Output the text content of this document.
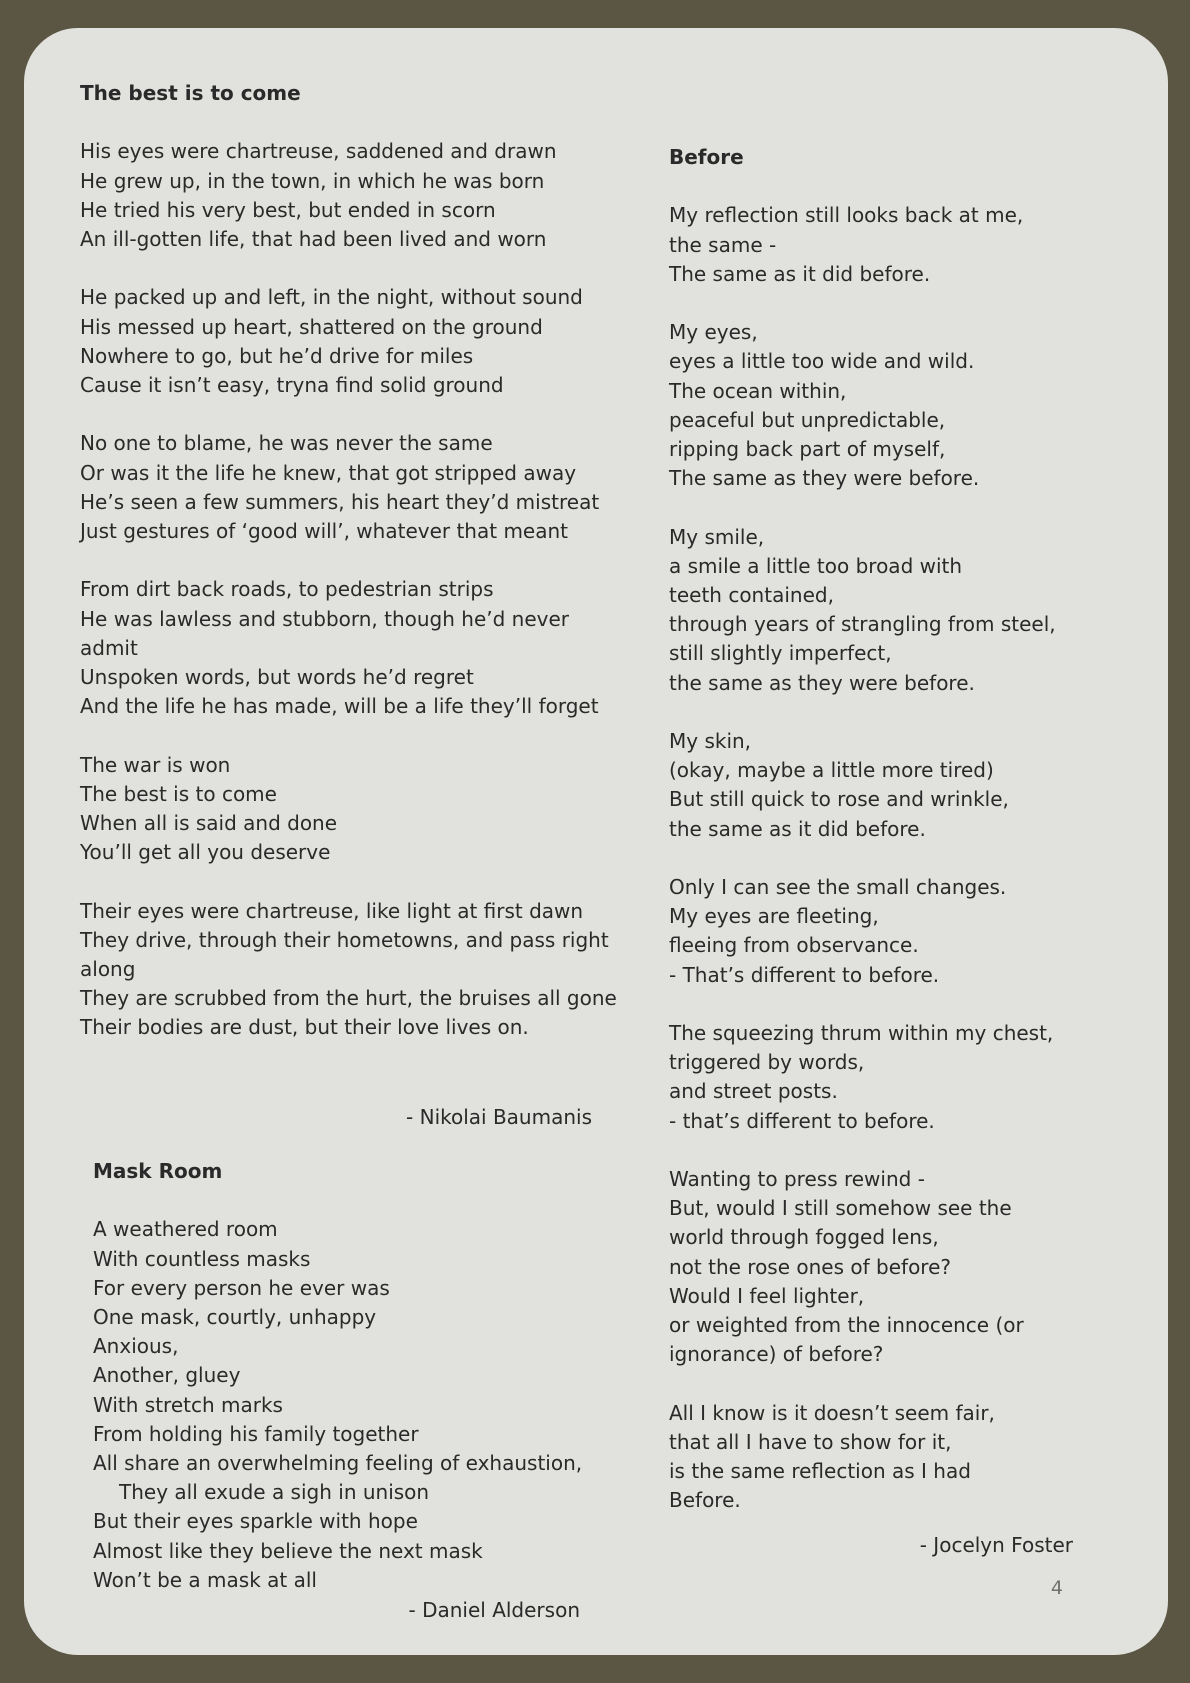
The best is to come
His eyes were chartreuse, saddened and drawn
He grew up, in the town, in which he was born
He tried his very best, but ended in scorn
An ill-gotten life, that had been lived and worn
He packed up and left, in the night, without sound
His messed up heart, shattered on the ground
Nowhere to go, but he’d drive for miles
Cause it isn’t easy, tryna find solid ground
No one to blame, he was never the same
Or was it the life he knew, that got stripped away
He’s seen a few summers, his heart they’d mistreat
Just gestures of ‘good will’, whatever that meant
From dirt back roads, to pedestrian strips
He was lawless and stubborn, though he’d never admit
Unspoken words, but words he’d regret
And the life he has made, will be a life they’ll forget
The war is won
The best is to come
When all is said and done
You’ll get all you deserve
Their eyes were chartreuse, like light at first dawn
They drive, through their hometowns, and pass right along
They are scrubbed from the hurt, the bruises all gone
Their bodies are dust, but their love lives on.
- Nikolai Baumanis
Mask Room
A weathered room
With countless masks
For every person he ever was
One mask, courtly, unhappy
Anxious,
Another, gluey
With stretch marks
From holding his family together
All share an overwhelming feeling of exhaustion,
They all exude a sigh in unison
But their eyes sparkle with hope
Almost like they believe the next mask
Won’t be a mask at all
- Daniel Alderson
Before
My reflection still looks back at me,
the same -
The same as it did before.
My eyes,
eyes a little too wide and wild.
The ocean within,
peaceful but unpredictable,
ripping back part of myself,
The same as they were before.
My smile,
a smile a little too broad with
teeth contained,
through years of strangling from steel,
still slightly imperfect,
the same as they were before.
My skin,
(okay, maybe a little more tired)
But still quick to rose and wrinkle,
the same as it did before.
Only I can see the small changes.
My eyes are fleeting,
fleeing from observance.
- That’s different to before.
The squeezing thrum within my chest,
triggered by words,
and street posts.
- that’s different to before.
Wanting to press rewind -
But, would I still somehow see the
world through fogged lens,
not the rose ones of before?
Would I feel lighter,
or weighted from the innocence (or
ignorance) of before?
All I know is it doesn’t seem fair,
that all I have to show for it,
is the same reflection as I had
Before.
- Jocelyn Foster
4
